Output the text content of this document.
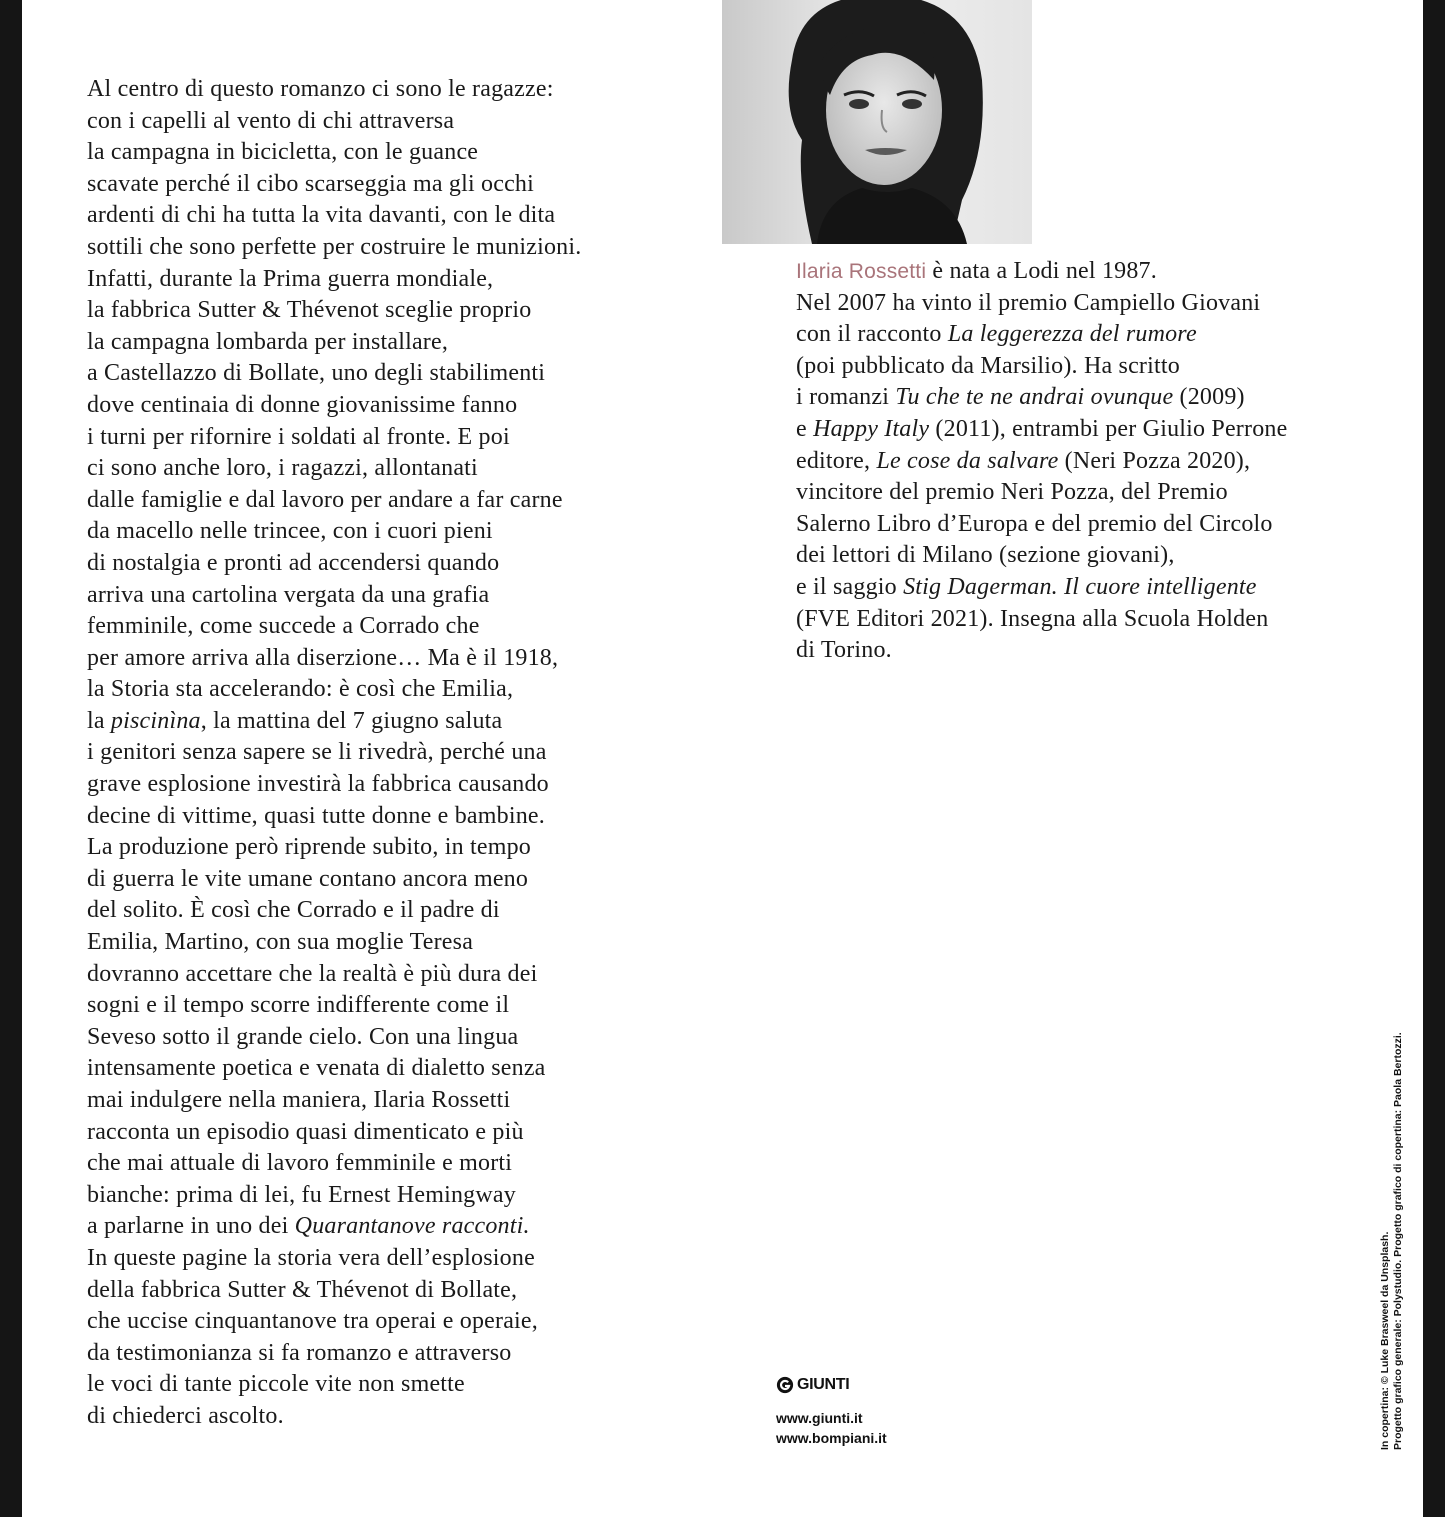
Al centro di questo romanzo ci sono le ragazze:
con i capelli al vento di chi attraversa
la campagna in bicicletta, con le guance
scavate perché il cibo scarseggia ma gli occhi
ardenti di chi ha tutta la vita davanti, con le dita
sottili che sono perfette per costruire le munizioni.
Infatti, durante la Prima guerra mondiale,
la fabbrica Sutter & Thévenot sceglie proprio
la campagna lombarda per installare,
a Castellazzo di Bollate, uno degli stabilimenti
dove centinaia di donne giovanissime fanno
i turni per rifornire i soldati al fronte. E poi
ci sono anche loro, i ragazzi, allontanati
dalle famiglie e dal lavoro per andare a far carne
da macello nelle trincee, con i cuori pieni
di nostalgia e pronti ad accendersi quando
arriva una cartolina vergata da una grafia
femminile, come succede a Corrado che
per amore arriva alla diserzione… Ma è il 1918,
la Storia sta accelerando: è così che Emilia,
la piscinìna, la mattina del 7 giugno saluta
i genitori senza sapere se li rivedrà, perché una
grave esplosione investirà la fabbrica causando
decine di vittime, quasi tutte donne e bambine.
La produzione però riprende subito, in tempo
di guerra le vite umane contano ancora meno
del solito. È così che Corrado e il padre di
Emilia, Martino, con sua moglie Teresa
dovranno accettare che la realtà è più dura dei
sogni e il tempo scorre indifferente come il
Seveso sotto il grande cielo. Con una lingua
intensamente poetica e venata di dialetto senza
mai indulgere nella maniera, Ilaria Rossetti
racconta un episodio quasi dimenticato e più
che mai attuale di lavoro femminile e morti
bianche: prima di lei, fu Ernest Hemingway
a parlarne in uno dei Quarantanove racconti.
In queste pagine la storia vera dell’esplosione
della fabbrica Sutter & Thévenot di Bollate,
che uccise cinquantanove tra operai e operaie,
da testimonianza si fa romanzo e attraverso
le voci di tante piccole vite non smette
di chiederci ascolto.
Ilaria Rossetti è nata a Lodi nel 1987.
Nel 2007 ha vinto il premio Campiello Giovani
con il racconto La leggerezza del rumore
(poi pubblicato da Marsilio). Ha scritto
i romanzi Tu che te ne andrai ovunque (2009)
e Happy Italy (2011), entrambi per Giulio Perrone
editore, Le cose da salvare (Neri Pozza 2020),
vincitore del premio Neri Pozza, del Premio
Salerno Libro d’Europa e del premio del Circolo
dei lettori di Milano (sezione giovani),
e il saggio Stig Dagerman. Il cuore intelligente
(FVE Editori 2021). Insegna alla Scuola Holden
di Torino.
GIUNTI
www.giunti.it
www.bompiani.it	In copertina: © Luke Brasweel da Unsplash. Progetto grafico generale: Polystudio. Progetto grafico di copertina: Paola Bertozzi.
